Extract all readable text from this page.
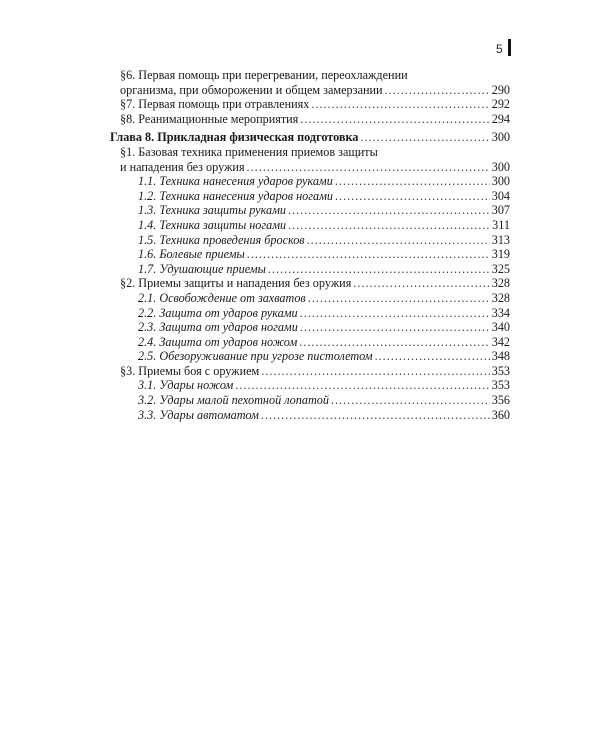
5
§6. Первая помощь при перегревании, переохлаждении
организма, при обморожении и общем замерзании .....	290
§7. Первая помощь при отравлениях .....	292
§8. Реанимационные мероприятия .....	294
Глава 8. Прикладная физическая подготовка .....	300
§1. Базовая техника применения приемов защиты
и нападения без оружия .....	300
1.1. Техника нанесения ударов руками .....	300
1.2. Техника нанесения ударов ногами .....	304
1.3. Техника защиты руками .....	307
1.4. Техника защиты ногами .....	311
1.5. Техника проведения бросков .....	313
1.6. Болевые приемы .....	319
1.7. Удушающие приемы .....	325
§2. Приемы защиты и нападения без оружия .....	328
2.1. Освобождение от захватов .....	328
2.2. Защита от ударов руками .....	334
2.3. Защита от ударов ногами .....	340
2.4. Защита от ударов ножом .....	342
2.5. Обезоруживание при угрозе пистолетом .....	348
§3. Приемы боя с оружием .....	353
3.1. Удары ножом .....	353
3.2. Удары малой пехотной лопатой .....	356
3.3. Удары автоматом .....	360
